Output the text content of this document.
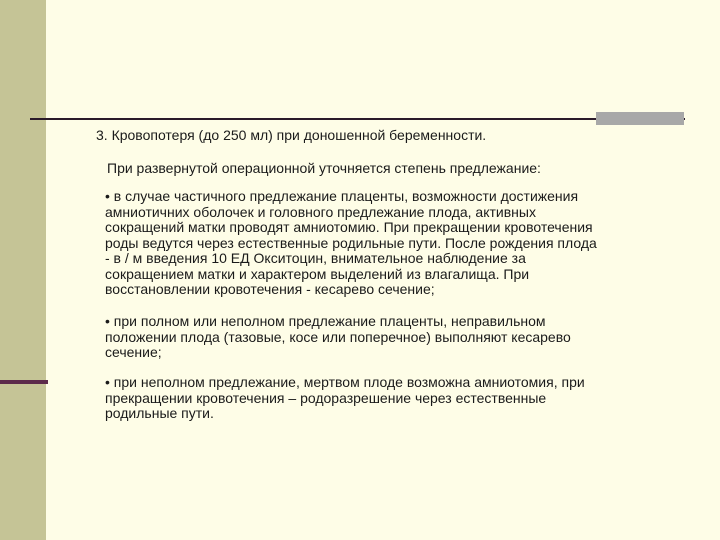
3. Кровопотеря (до 250 мл) при доношенной беременности.
При развернутой операционной уточняется степень предлежание:
• в случае частичного предлежание плаценты, возможности достижения
амниотичних оболочек и головного предлежание плода, активных
сокращений матки проводят амниотомию. При прекращении кровотечения
роды ведутся через естественные родильные пути. После рождения плода
- в / м введения 10 ЕД Окситоцин, внимательное наблюдение за
сокращением матки и характером выделений из влагалища. При
восстановлении кровотечения - кесарево сечение;
• при полном или неполном предлежание плаценты, неправильном
положении плода (тазовые, косе или поперечное) выполняют кесарево
сечение;
• при неполном предлежание, мертвом плоде возможна амниотомия, при
прекращении кровотечения – родоразрешение через естественные
родильные пути.
